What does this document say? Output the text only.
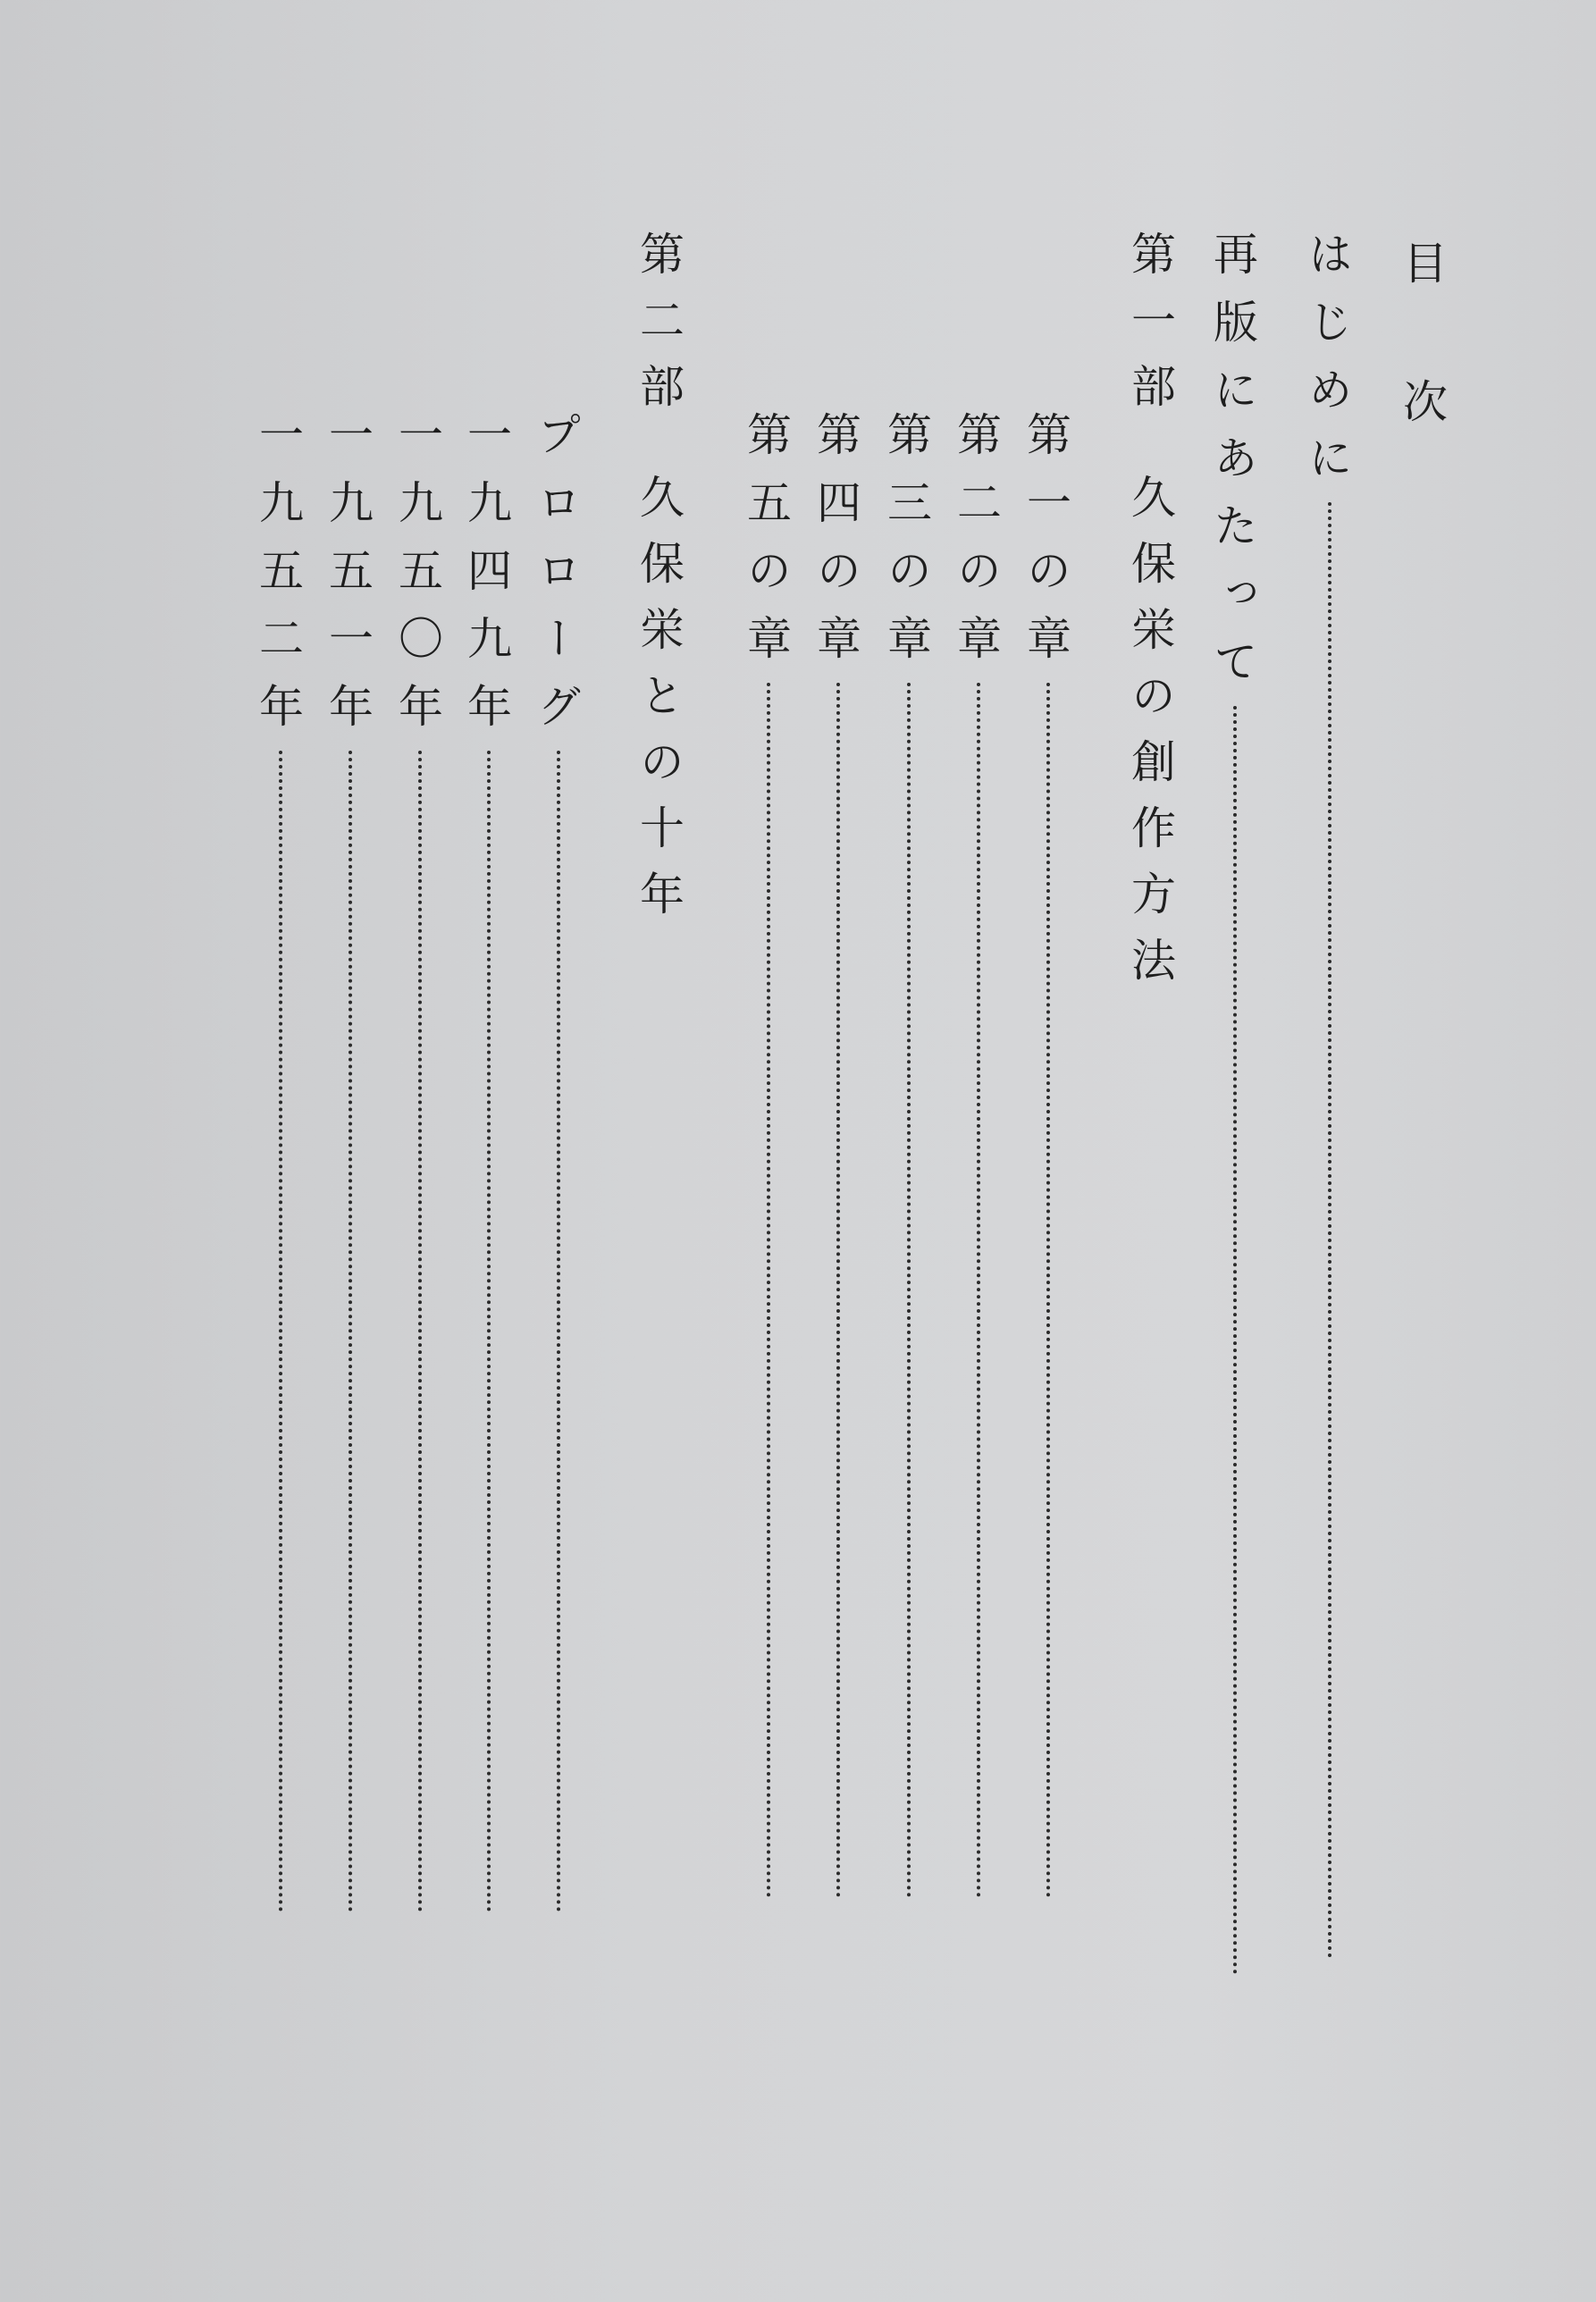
目
次
はじめに
再版にあたって
第一部久保栄の創作方法
第一の章
第二の章
第三の章
第四の章
第五の章
第二部久保栄との十年
プロローグ
一九四九年
一九五〇年
一九五一年
一九五二年
